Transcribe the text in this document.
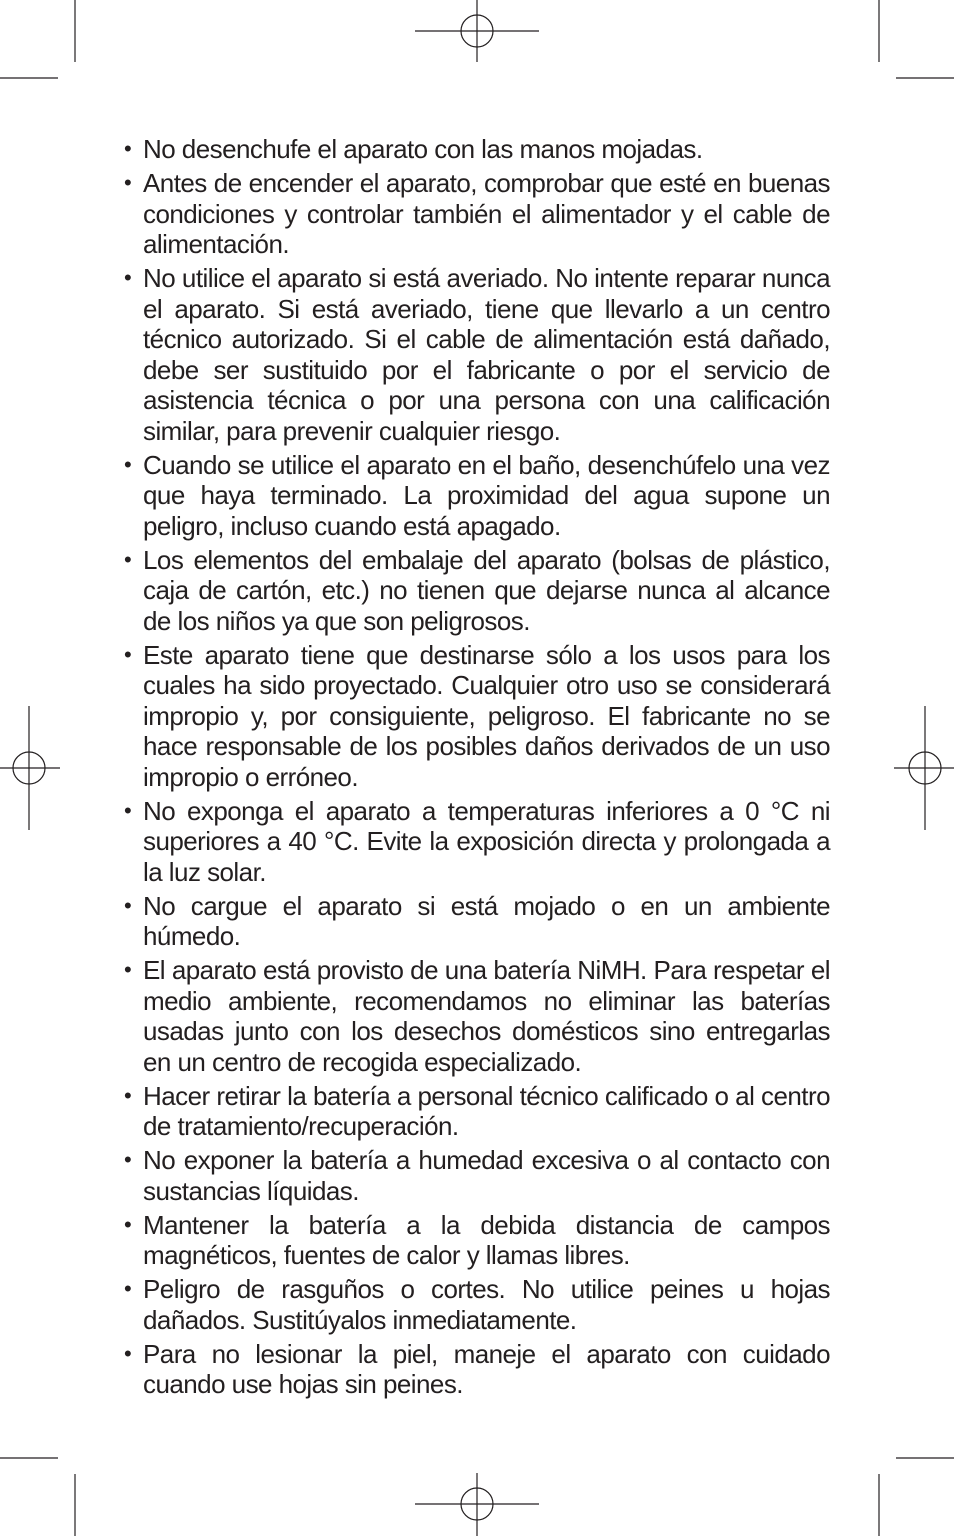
• No desenchufe el aparato con las manos mojadas.
• Antes de encender el aparato, comprobar que esté en buenas condiciones y controlar también el alimentador y el cable de alimentación.
• No utilice el aparato si está averiado. No intente reparar nunca el aparato. Si está averiado, tiene que llevarlo a un centro técnico autorizado. Si el cable de alimentación está dañado, debe ser sustituido por el fabricante o por el servicio de asistencia técnica o por una persona con una calificación similar, para prevenir cualquier riesgo.
• Cuando se utilice el aparato en el baño, desenchúfelo una vez que haya terminado. La proximidad del agua supone un peligro, incluso cuando está apagado.
• Los elementos del embalaje del aparato (bolsas de plástico, caja de cartón, etc.) no tienen que dejarse nunca al alcance de los niños ya que son peligrosos.
• Este aparato tiene que destinarse sólo a los usos para los cuales ha sido proyectado. Cualquier otro uso se considerará impropio y, por consiguiente, peligroso. El fabricante no se hace responsable de los posibles daños derivados de un uso impropio o erróneo.
• No exponga el aparato a temperaturas inferiores a 0 °C ni superiores a 40 °C. Evite la exposición directa y prolongada a la luz solar.
• No cargue el aparato si está mojado o en un ambiente húmedo.
• El aparato está provisto de una batería NiMH. Para respetar el medio ambiente, recomendamos no eliminar las baterías usadas junto con los desechos domésticos sino entregarlas en un centro de recogida especializado.
• Hacer retirar la batería a personal técnico calificado o al centro de tratamiento/recuperación.
• No exponer la batería a humedad excesiva o al contacto con sustancias líquidas.
• Mantener la batería a la debida distancia de campos magnéticos, fuentes de calor y llamas libres.
• Peligro de rasguños o cortes. No utilice peines u hojas dañados. Sustitúyalos inmediatamente.
• Para no lesionar la piel, maneje el aparato con cuidado cuando use hojas sin peines.
